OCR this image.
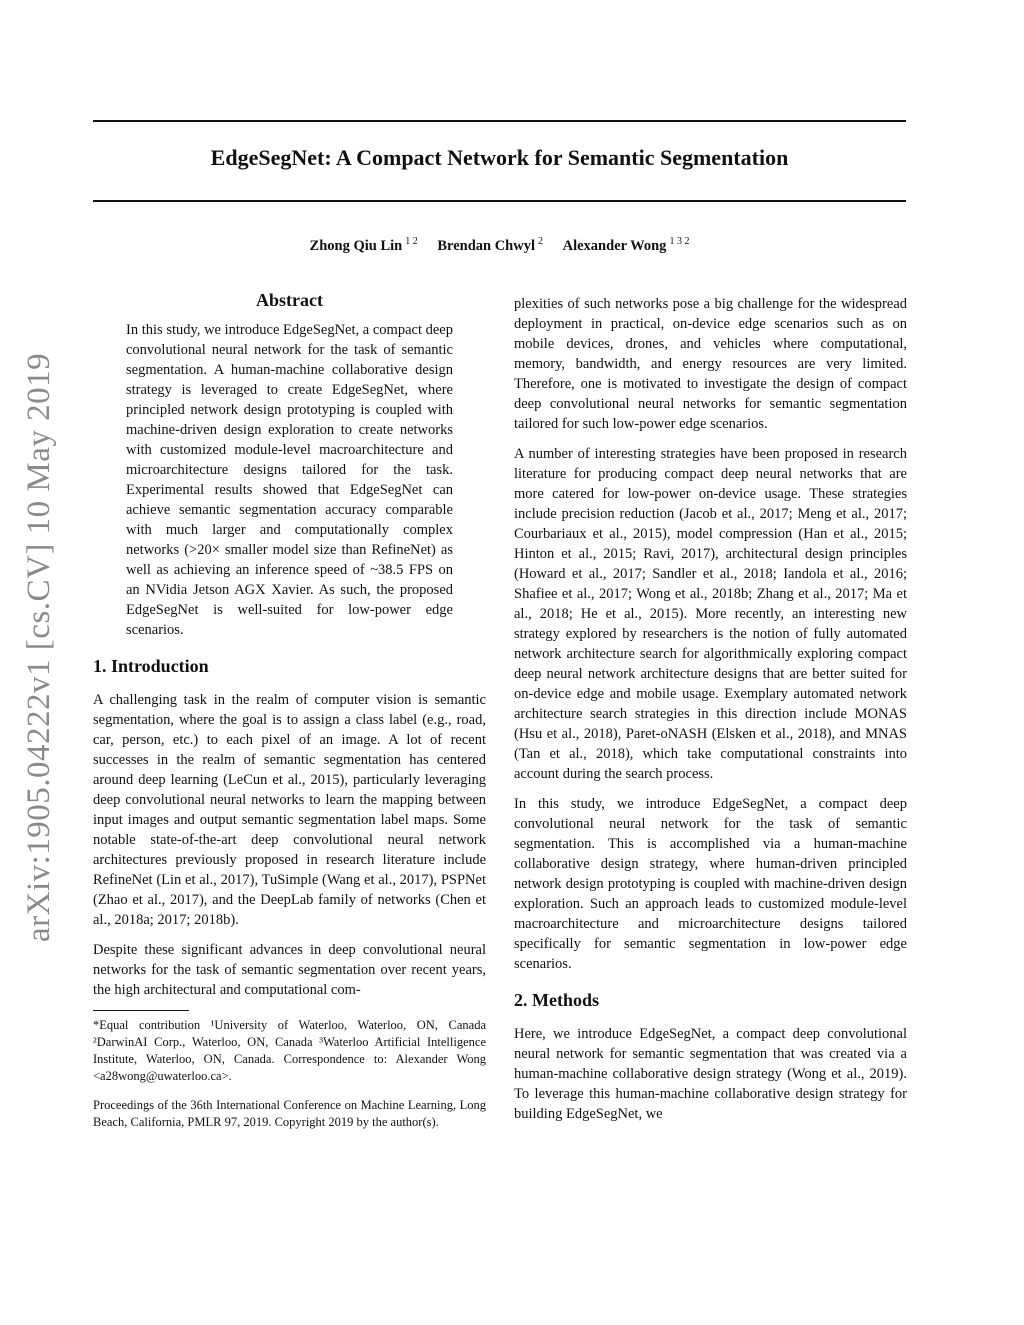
arXiv:1905.04222v1 [cs.CV] 10 May 2019
EdgeSegNet: A Compact Network for Semantic Segmentation
Zhong Qiu Lin $^{1 2}$ Brendan Chwyl $^2$ Alexander Wong $^{1 3 2}$
Abstract
In this study, we introduce EdgeSegNet, a compact deep convolutional neural network for the task of semantic segmentation. A human-machine collaborative design strategy is leveraged to create EdgeSegNet, where principled network design prototyping is coupled with machine-driven design exploration to create networks with customized module-level macroarchitecture and microarchitecture designs tailored for the task. Experimental results showed that EdgeSegNet can achieve semantic segmentation accuracy comparable with much larger and computationally complex networks (>20× smaller model size than RefineNet) as well as achieving an inference speed of ~38.5 FPS on an NVidia Jetson AGX Xavier. As such, the proposed EdgeSegNet is well-suited for low-power edge scenarios.
1. Introduction

A challenging task in the realm of computer vision is semantic segmentation, where the goal is to assign a class label (e.g., road, car, person, etc.) to each pixel of an image. A lot of recent successes in the realm of semantic segmentation has centered around deep learning (LeCun et al., 2015), particularly leveraging deep convolutional neural networks to learn the mapping between input images and output semantic segmentation label maps. Some notable state-of-the-art deep convolutional neural network architectures previously proposed in research literature include RefineNet (Lin et al., 2017), TuSimple (Wang et al., 2017), PSPNet (Zhao et al., 2017), and the DeepLab family of networks (Chen et al., 2018a; 2017; 2018b).

Despite these significant advances in deep convolutional neural networks for the task of semantic segmentation over recent years, the high architectural and computational com-

*Equal contribution ¹University of Waterloo, Waterloo, ON, Canada ²DarwinAI Corp., Waterloo, ON, Canada ³Waterloo Artificial Intelligence Institute, Waterloo, ON, Canada. Correspondence to: Alexander Wong <a28wong@uwaterloo.ca>.
Proceedings of the 36th International Conference on Machine Learning, Long Beach, California, PMLR 97, 2019. Copyright 2019 by the author(s).

plexities of such networks pose a big challenge for the widespread deployment in practical, on-device edge scenarios such as on mobile devices, drones, and vehicles where computational, memory, bandwidth, and energy resources are very limited. Therefore, one is motivated to investigate the design of compact deep convolutional neural networks for semantic segmentation tailored for such low-power edge scenarios.

A number of interesting strategies have been proposed in research literature for producing compact deep neural networks that are more catered for low-power on-device usage. These strategies include precision reduction (Jacob et al., 2017; Meng et al., 2017; Courbariaux et al., 2015), model compression (Han et al., 2015; Hinton et al., 2015; Ravi, 2017), architectural design principles (Howard et al., 2017; Sandler et al., 2018; Iandola et al., 2016; Shafiee et al., 2017; Wong et al., 2018b; Zhang et al., 2017; Ma et al., 2018; He et al., 2015). More recently, an interesting new strategy explored by researchers is the notion of fully automated network architecture search for algorithmically exploring compact deep neural network architecture designs that are better suited for on-device edge and mobile usage. Exemplary automated network architecture search strategies in this direction include MONAS (Hsu et al., 2018), Paret-oNASH (Elsken et al., 2018), and MNAS (Tan et al., 2018), which take computational constraints into account during the search process.

In this study, we introduce EdgeSegNet, a compact deep convolutional neural network for the task of semantic segmentation. This is accomplished via a human-machine collaborative design strategy, where human-driven principled network design prototyping is coupled with machine-driven design exploration. Such an approach leads to customized module-level macroarchitecture and microarchitecture designs tailored specifically for semantic segmentation in low-power edge scenarios.

2. Methods

Here, we introduce EdgeSegNet, a compact deep convolutional neural network for semantic segmentation that was created via a human-machine collaborative design strategy (Wong et al., 2019). To leverage this human-machine collaborative design strategy for building EdgeSegNet, we
